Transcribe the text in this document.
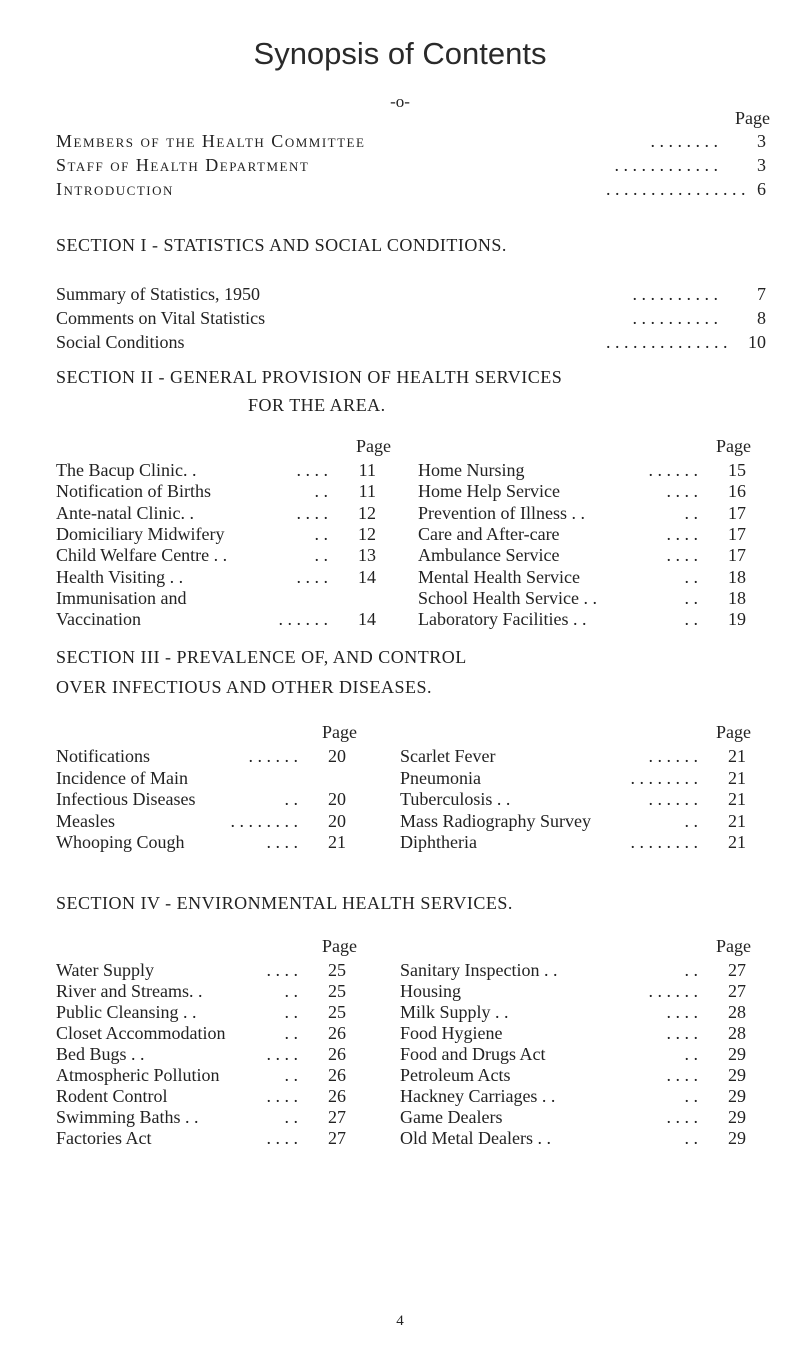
Synopsis of Contents
-o-
Page
Members of the Health Committee	. . . . . . . .	3
Staff of Health Department	. . . . . . . . . . . .	3
Introduction	. . . . . . . . . . . . . . . . 6
SECTION I - STATISTICS AND SOCIAL CONDITIONS.
Summary of Statistics, 1950	. . . . . . . . . .	7
Comments on Vital Statistics	. . . . . . . . . .	8
Social Conditions	. . . . . . . . . . . . . .	10
SECTION II - GENERAL PROVISION OF HEALTH SERVICES
FOR THE AREA.
Page	Page
The Bacup Clinic. .	. . . .	11
Notification of Births	. .	11
Ante-natal Clinic. .	. . . .	12
Domiciliary Midwifery	. .	12
Child Welfare Centre . .	. .	13
Health Visiting . .	. . . .	14
Immunisation and
Vaccination	. . . . . .	14
Home Nursing	. . . . . .	15
Home Help Service	. . . .	16
Prevention of Illness . .	. .	17
Care and After-care	. . . .	17
Ambulance Service	. . . .	17
Mental Health Service	. .	18
School Health Service . .	. .	18
Laboratory Facilities . .	. .	19
SECTION III - PREVALENCE OF, AND CONTROL
OVER INFECTIOUS AND OTHER DISEASES.
Page	Page
Notifications	. . . . . .	20
Incidence of Main
Infectious Diseases	. .	20
Measles	. . . . . . . .	20
Whooping Cough	. . . .	21
Scarlet Fever	. . . . . .	21
Pneumonia	. . . . . . . .	21
Tuberculosis . .	. . . . . .	21
Mass Radiography Survey	. .	21
Diphtheria	. . . . . . . .	21
SECTION IV - ENVIRONMENTAL HEALTH SERVICES.
Page	Page
Water Supply	. . . .	25
River and Streams. .	. .	25
Public Cleansing . .	. .	25
Closet Accommodation	. .	26
Bed Bugs . .	. . . .	26
Atmospheric Pollution	. .	26
Rodent Control	. . . .	26
Swimming Baths . .	. .	27
Factories Act	. . . .	27
Sanitary Inspection . .	. .	27
Housing	. . . . . .	27
Milk Supply . .	. . . .	28
Food Hygiene	. . . .	28
Food and Drugs Act	. .	29
Petroleum Acts	. . . .	29
Hackney Carriages . .	. .	29
Game Dealers	. . . .	29
Old Metal Dealers . .	. .	29
4
